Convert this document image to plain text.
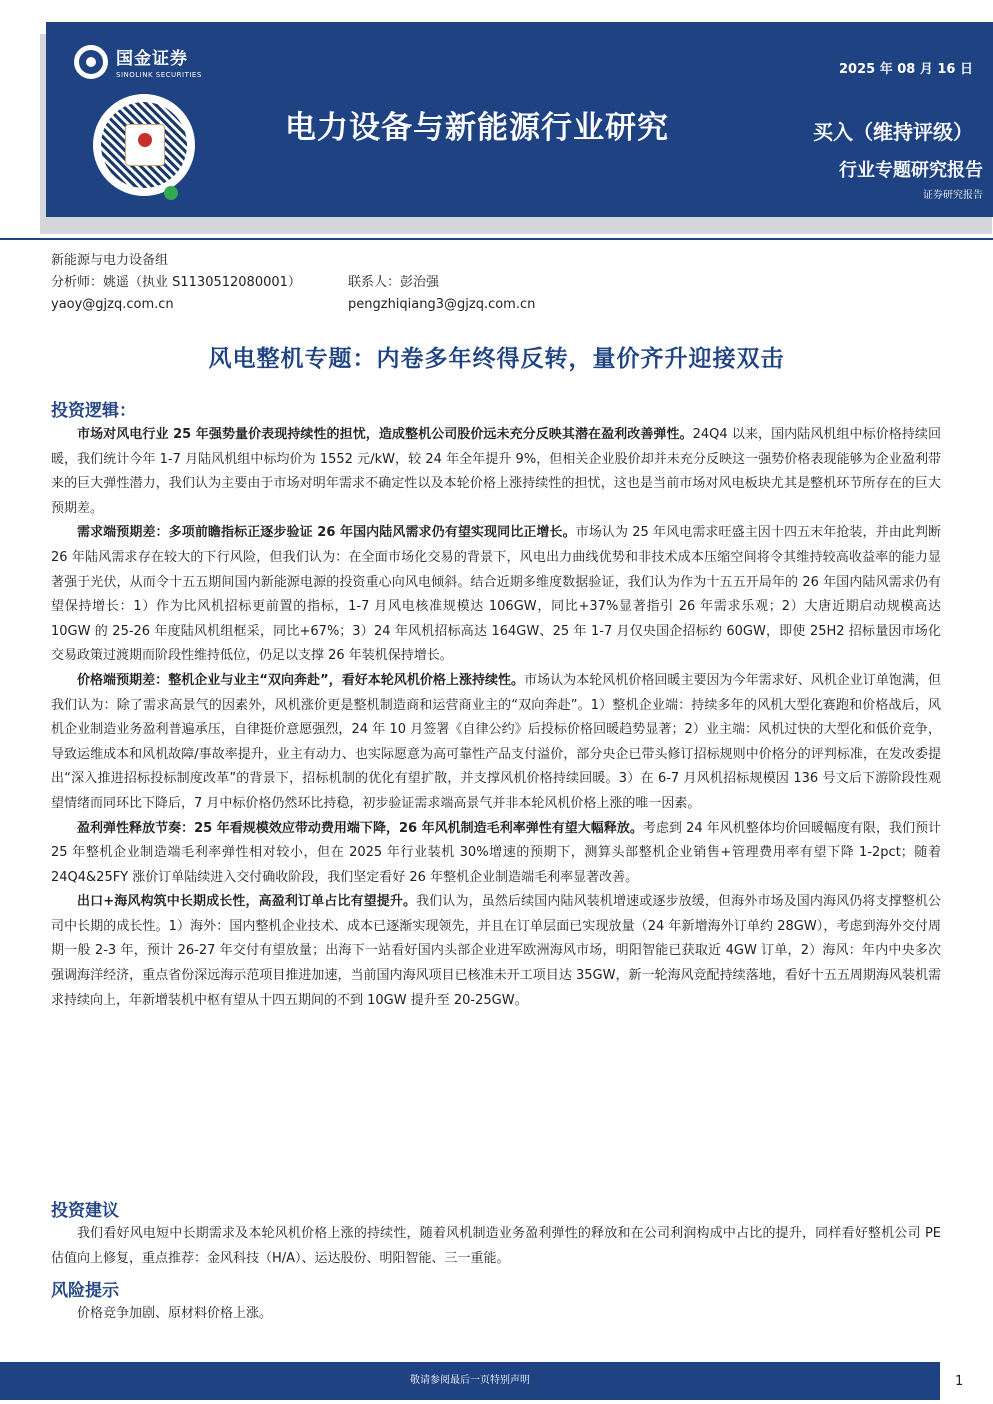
国金证券
SINOLINK SECURITIES	2025 年 08 月 16 日
电力设备与新能源行业研究	买入（维持评级）
行业专题研究报告
证券研究报告
新能源与电力设备组
分析师：姚遥（执业 S1130512080001）
yaoy@gjzq.com.cn
联系人：彭治强
pengzhiqiang3@gjzq.com.cn
风电整机专题：内卷多年终得反转，量价齐升迎接双击
投资逻辑：

市场对风电行业 25 年强势量价表现持续性的担忧，造成整机公司股价远未充分反映其潜在盈利改善弹性。24Q4 以来，国内陆风机组中标价格持续回暖，我们统计今年 1-7 月陆风机组中标均价为 1552 元/kW，较 24 年全年提升 9%，但相关企业股价却并未充分反映这一强势价格表现能够为企业盈利带来的巨大弹性潜力，我们认为主要由于市场对明年需求不确定性以及本轮价格上涨持续性的担忧，这也是当前市场对风电板块尤其是整机环节所存在的巨大预期差。

需求端预期差：多项前瞻指标正逐步验证 26 年国内陆风需求仍有望实现同比正增长。市场认为 25 年风电需求旺盛主因十四五末年抢装，并由此判断 26 年陆风需求存在较大的下行风险，但我们认为：在全面市场化交易的背景下，风电出力曲线优势和非技术成本压缩空间将令其维持较高收益率的能力显著强于光伏，从而令十五五期间国内新能源电源的投资重心向风电倾斜。结合近期多维度数据验证，我们认为作为十五五开局年的 26 年国内陆风需求仍有望保持增长：1）作为比风机招标更前置的指标，1-7 月风电核准规模达 106GW，同比+37%显著指引 26 年需求乐观；2）大唐近期启动规模高达 10GW 的 25-26 年度陆风机组框采，同比+67%；3）24 年风机招标高达 164GW、25 年 1-7 月仅央国企招标约 60GW，即使 25H2 招标量因市场化交易政策过渡期而阶段性维持低位，仍足以支撑 26 年装机保持增长。

价格端预期差：整机企业与业主“双向奔赴”，看好本轮风机价格上涨持续性。市场认为本轮风机价格回暖主要因为今年需求好、风机企业订单饱满，但我们认为：除了需求高景气的因素外，风机涨价更是整机制造商和运营商业主的“双向奔赴”。1）整机企业端：持续多年的风机大型化赛跑和价格战后，风机企业制造业务盈利普遍承压，自律挺价意愿强烈，24 年 10 月签署《自律公约》后投标价格回暖趋势显著；2）业主端：风机过快的大型化和低价竞争，导致运维成本和风机故障/事故率提升，业主有动力、也实际愿意为高可靠性产品支付溢价，部分央企已带头修订招标规则中价格分的评判标准，在发改委提出“深入推进招标投标制度改革”的背景下，招标机制的优化有望扩散，并支撑风机价格持续回暖。3）在 6-7 月风机招标规模因 136 号文后下游阶段性观望情绪而同环比下降后，7 月中标价格仍然环比持稳，初步验证需求端高景气并非本轮风机价格上涨的唯一因素。

盈利弹性释放节奏：25 年看规模效应带动费用端下降，26 年风机制造毛利率弹性有望大幅释放。考虑到 24 年风机整体均价回暖幅度有限，我们预计 25 年整机企业制造端毛利率弹性相对较小，但在 2025 年行业装机 30%增速的预期下，测算头部整机企业销售+管理费用率有望下降 1-2pct；随着 24Q4&25FY 涨价订单陆续进入交付确收阶段，我们坚定看好 26 年整机企业制造端毛利率显著改善。

出口+海风构筑中长期成长性，高盈利订单占比有望提升。我们认为，虽然后续国内陆风装机增速或逐步放缓，但海外市场及国内海风仍将支撑整机公司中长期的成长性。1）海外：国内整机企业技术、成本已逐渐实现领先，并且在订单层面已实现放量（24 年新增海外订单约 28GW），考虑到海外交付周期一般 2-3 年，预计 26-27 年交付有望放量；出海下一站看好国内头部企业进军欧洲海风市场，明阳智能已获取近 4GW 订单，2）海风：年内中央多次强调海洋经济，重点省份深远海示范项目推进加速，当前国内海风项目已核准未开工项目达 35GW，新一轮海风竞配持续落地，看好十五五周期海风装机需求持续向上，年新增装机中枢有望从十四五期间的不到 10GW 提升至 20-25GW。

投资建议

我们看好风电短中长期需求及本轮风机价格上涨的持续性，随着风机制造业务盈利弹性的释放和在公司利润构成中占比的提升，同样看好整机公司 PE 估值向上修复，重点推荐：金风科技（H/A）、运达股份、明阳智能、三一重能。

风险提示

价格竞争加剧、原材料价格上涨。

敬请参阅最后一页特别声明	1
